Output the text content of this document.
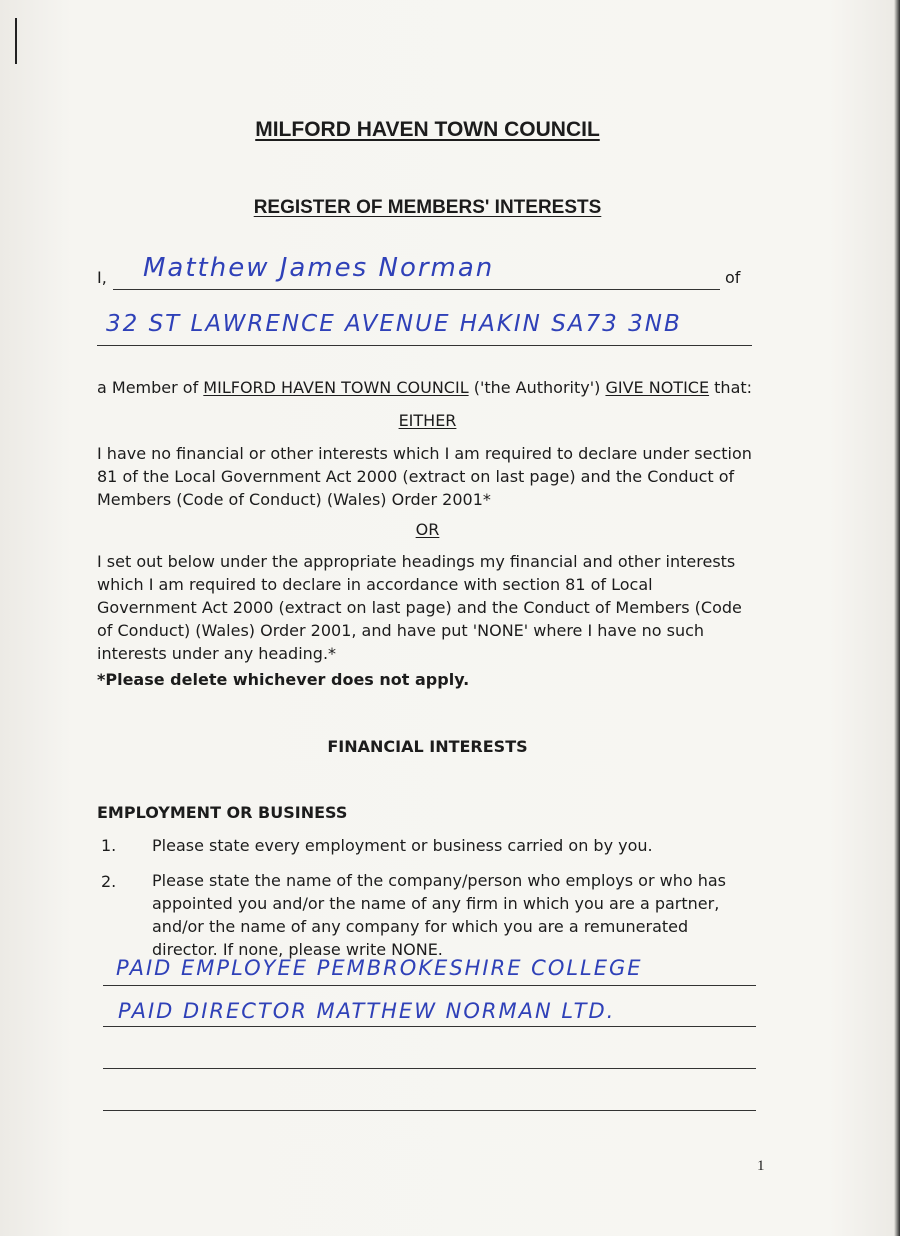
MILFORD HAVEN TOWN COUNCIL
REGISTER OF MEMBERS' INTERESTS
I, Matthew James Norman	of
32 ST LAWRENCE AVENUE HAKIN SA73 3NB
a Member of MILFORD HAVEN TOWN COUNCIL ('the Authority') GIVE NOTICE that:
EITHER
I have no financial or other interests which I am required to declare under section 81 of the Local Government Act 2000 (extract on last page) and the Conduct of Members (Code of Conduct) (Wales) Order 2001*
OR
I set out below under the appropriate headings my financial and other interests which I am required to declare in accordance with section 81 of Local Government Act 2000 (extract on last page) and the Conduct of Members (Code of Conduct) (Wales) Order 2001, and have put 'NONE' where I have no such interests under any heading.*
*Please delete whichever does not apply.
FINANCIAL INTERESTS
EMPLOYMENT OR BUSINESS
1. Please state every employment or business carried on by you.
2. Please state the name of the company/person who employs or who has appointed you and/or the name of any firm in which you are a partner, and/or the name of any company for which you are a remunerated director. If none, please write NONE.
PAID EMPLOYEE PEMBROKESHIRE COLLEGE
PAID DIRECTOR MATTHEW NORMAN LTD.
1
